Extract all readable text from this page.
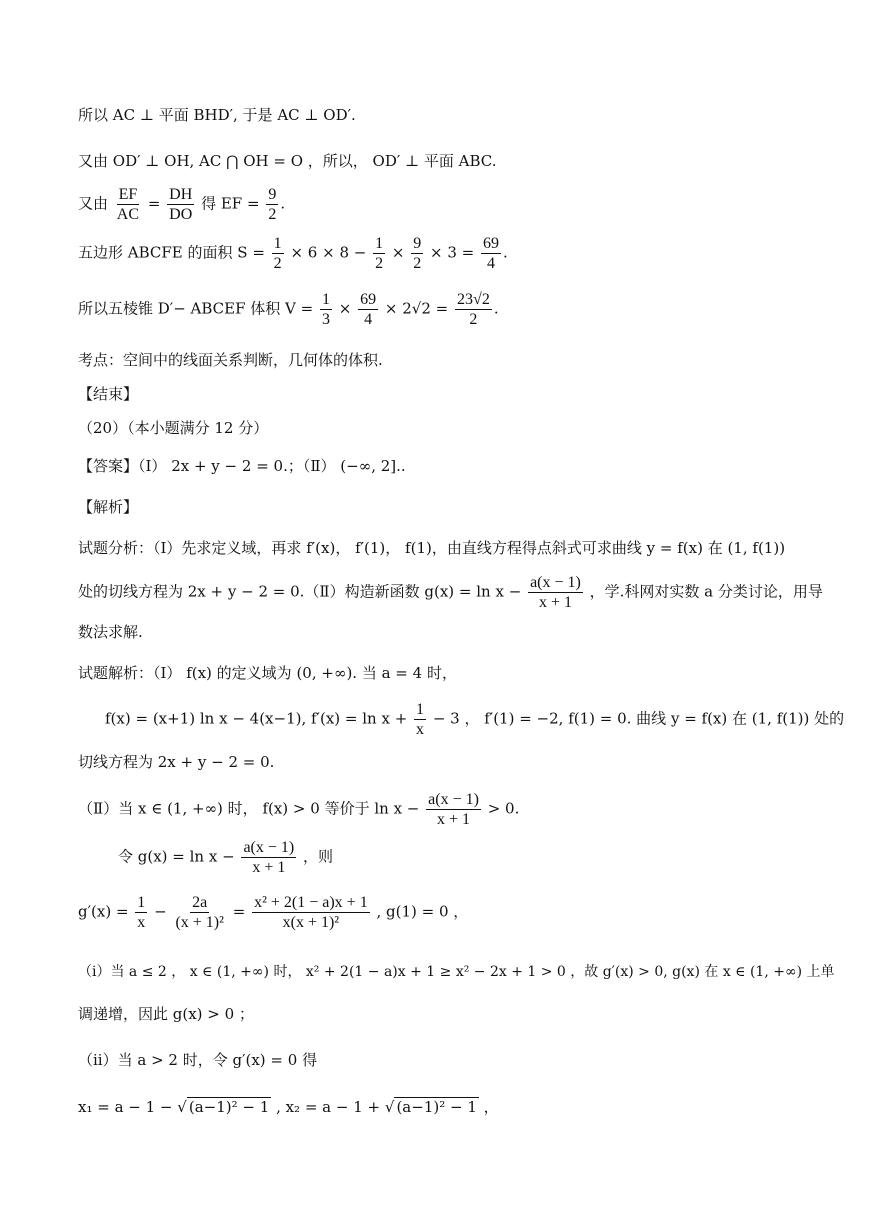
所以 AC ⊥ 平面 BHD′, 于是 AC ⊥ OD′.
又由 OD′ ⊥ OH, AC ⋂ OH = O ，所以， OD′ ⊥ 平面 ABC.
又由 $\frac{EF}{AC} = \frac{DH}{DO}$ 得 EF = $\frac{9}{2}$ .
五边形 ABCFE 的面积 $S = \frac{1}{2} \times 6 \times 8 - \frac{1}{2} \times \frac{9}{2} \times 3 = \frac{69}{4}$ .
所以五棱锥 D′− ABCEF 体积 $V = \frac{1}{3} \times \frac{69}{4} \times 2√2 = \frac{23√2}{2}$ .
考点：空间中的线面关系判断，几何体的体积.
【结束】
（20）（本小题满分 12 分）
【答案】（Ⅰ） 2x + y − 2 = 0.；（Ⅱ） (−∞, 2]..
【解析】
试题分析：（Ⅰ）先求定义域，再求 f′(x)， f′(1)， f(1)，由直线方程得点斜式可求曲线 y = f(x) 在 (1, f(1))
处的切线方程为 2x + y − 2 = 0.（Ⅱ）构造新函数 $g(x) = \ln x - \frac{a(x - 1)}{x + 1}$ ，学.科网对实数 a 分类讨论，用导
数法求解.
试题解析：（Ⅰ） f(x) 的定义域为 (0, +∞). 当 a = 4 时，
f(x) = (x+1) ln x − 4(x−1), $f'(x) = \ln x + \frac{1}{x} - 3$ ， f′(1) = −2, f(1) = 0. 曲线 y = f(x) 在 (1, f(1)) 处的
切线方程为 2x + y − 2 = 0.
（Ⅱ）当 x ∈ (1, +∞) 时， f(x) > 0 等价于 $\ln x - \frac{a(x - 1)}{x + 1} > 0$.
令 $g(x) = \ln x - \frac{a(x - 1)}{x + 1}$ ，则
$g'(x) = \frac{1}{x} - \frac{2a}{\text{(x + 1)²}} = \frac{\text{x² + 2(1 − a)x + 1}}{\text{x(x + 1)²}}$ , g(1) = 0 ，
（i）当 a ≤ 2 ， x ∈ (1, +∞) 时， x² + 2(1 − a)x + 1 ≥ x² − 2x + 1 > 0 ，故 g′(x) > 0, g(x) 在 x ∈ (1, +∞) 上单
调递增，因此 g(x) > 0 ；
（ii）当 a > 2 时，令 g′(x) = 0 得
x₁ = a − 1 − √ (a−1)² − 1 , x₂ = a − 1 + √ (a−1)² − 1 ，
